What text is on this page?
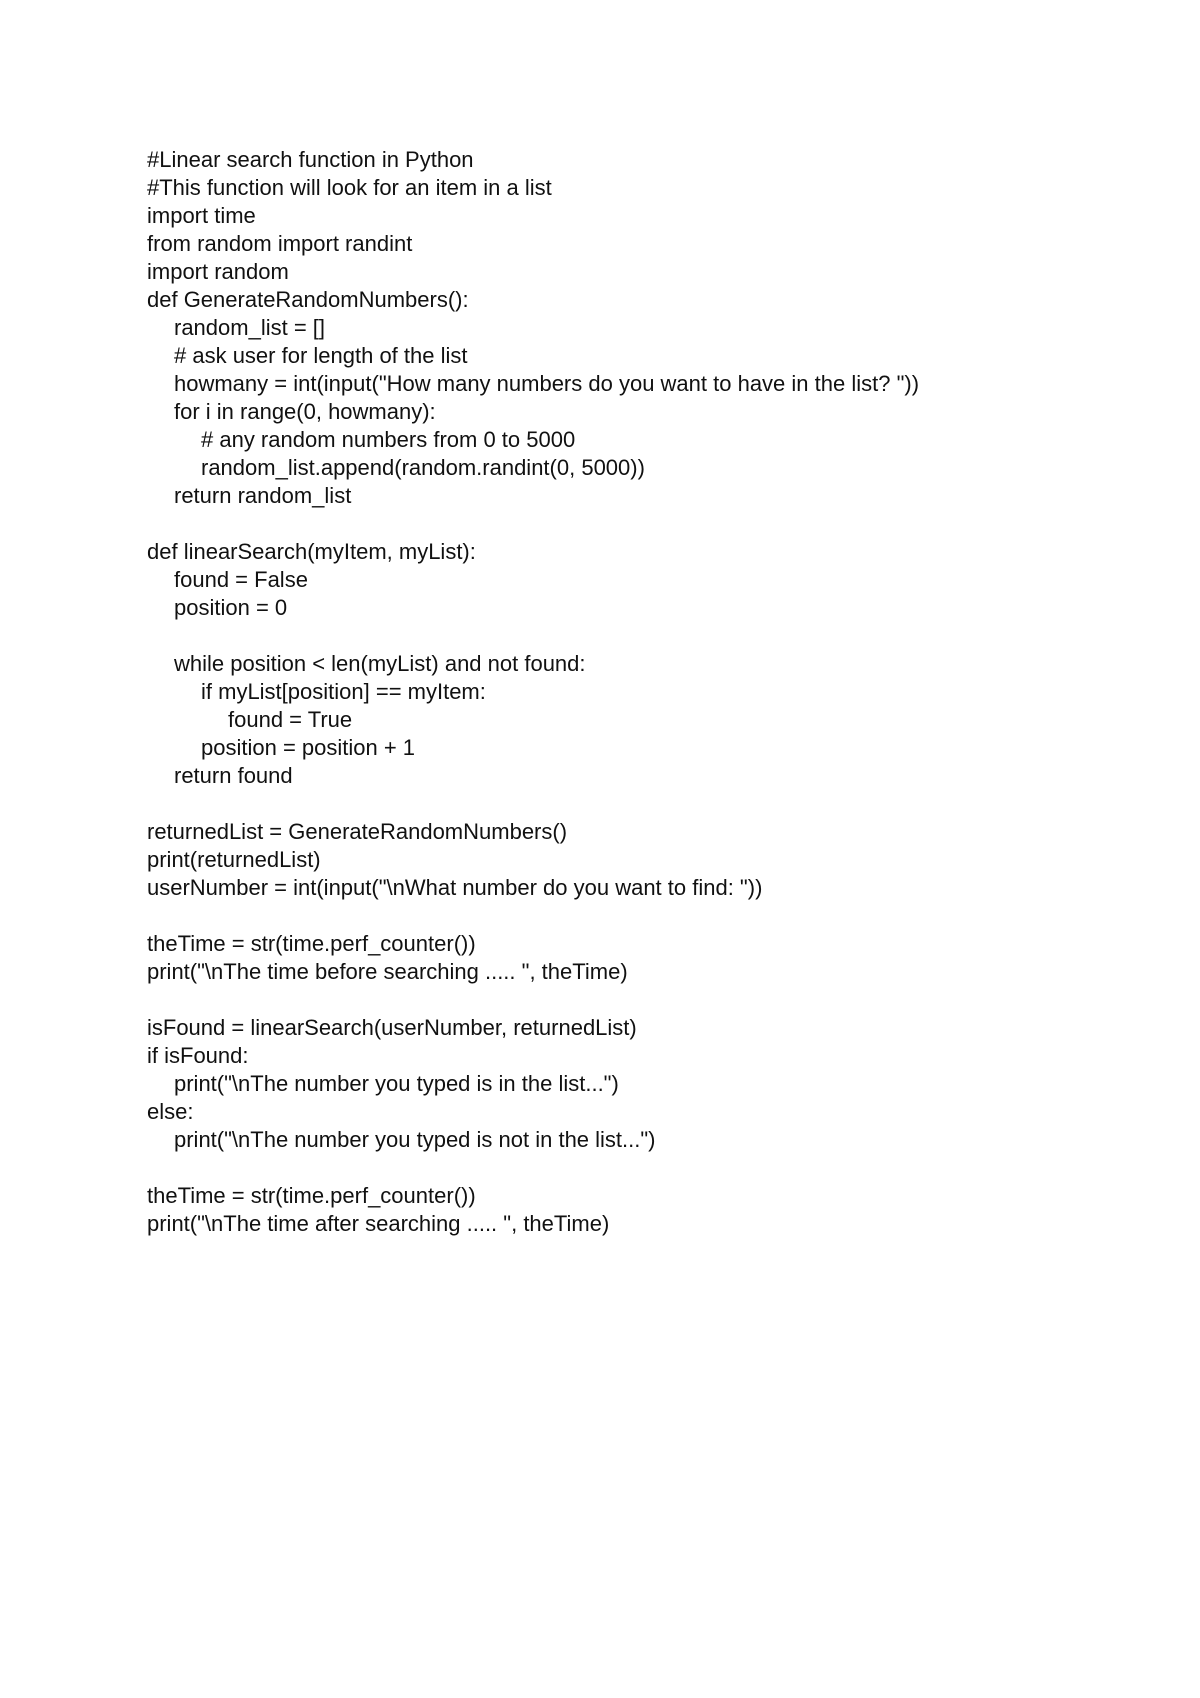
#Linear search function in Python
#This function will look for an item in a list
import time
from random import randint
import random
def GenerateRandomNumbers():
random_list = []
# ask user for length of the list
howmany = int(input("How many numbers do you want to have in the list? "))
for i in range(0, howmany):
# any random numbers from 0 to 5000
random_list.append(random.randint(0, 5000))
return random_list
def linearSearch(myItem, myList):
found = False
position = 0
while position < len(myList) and not found:
if myList[position] == myItem:
found = True
position = position + 1
return found
returnedList = GenerateRandomNumbers()
print(returnedList)
userNumber = int(input("\nWhat number do you want to find: "))
theTime = str(time.perf_counter())
print("\nThe time before searching ..... ", theTime)
isFound = linearSearch(userNumber, returnedList)
if isFound:
print("\nThe number you typed is in the list...")
else:
print("\nThe number you typed is not in the list...")
theTime = str(time.perf_counter())
print("\nThe time after searching ..... ", theTime)
